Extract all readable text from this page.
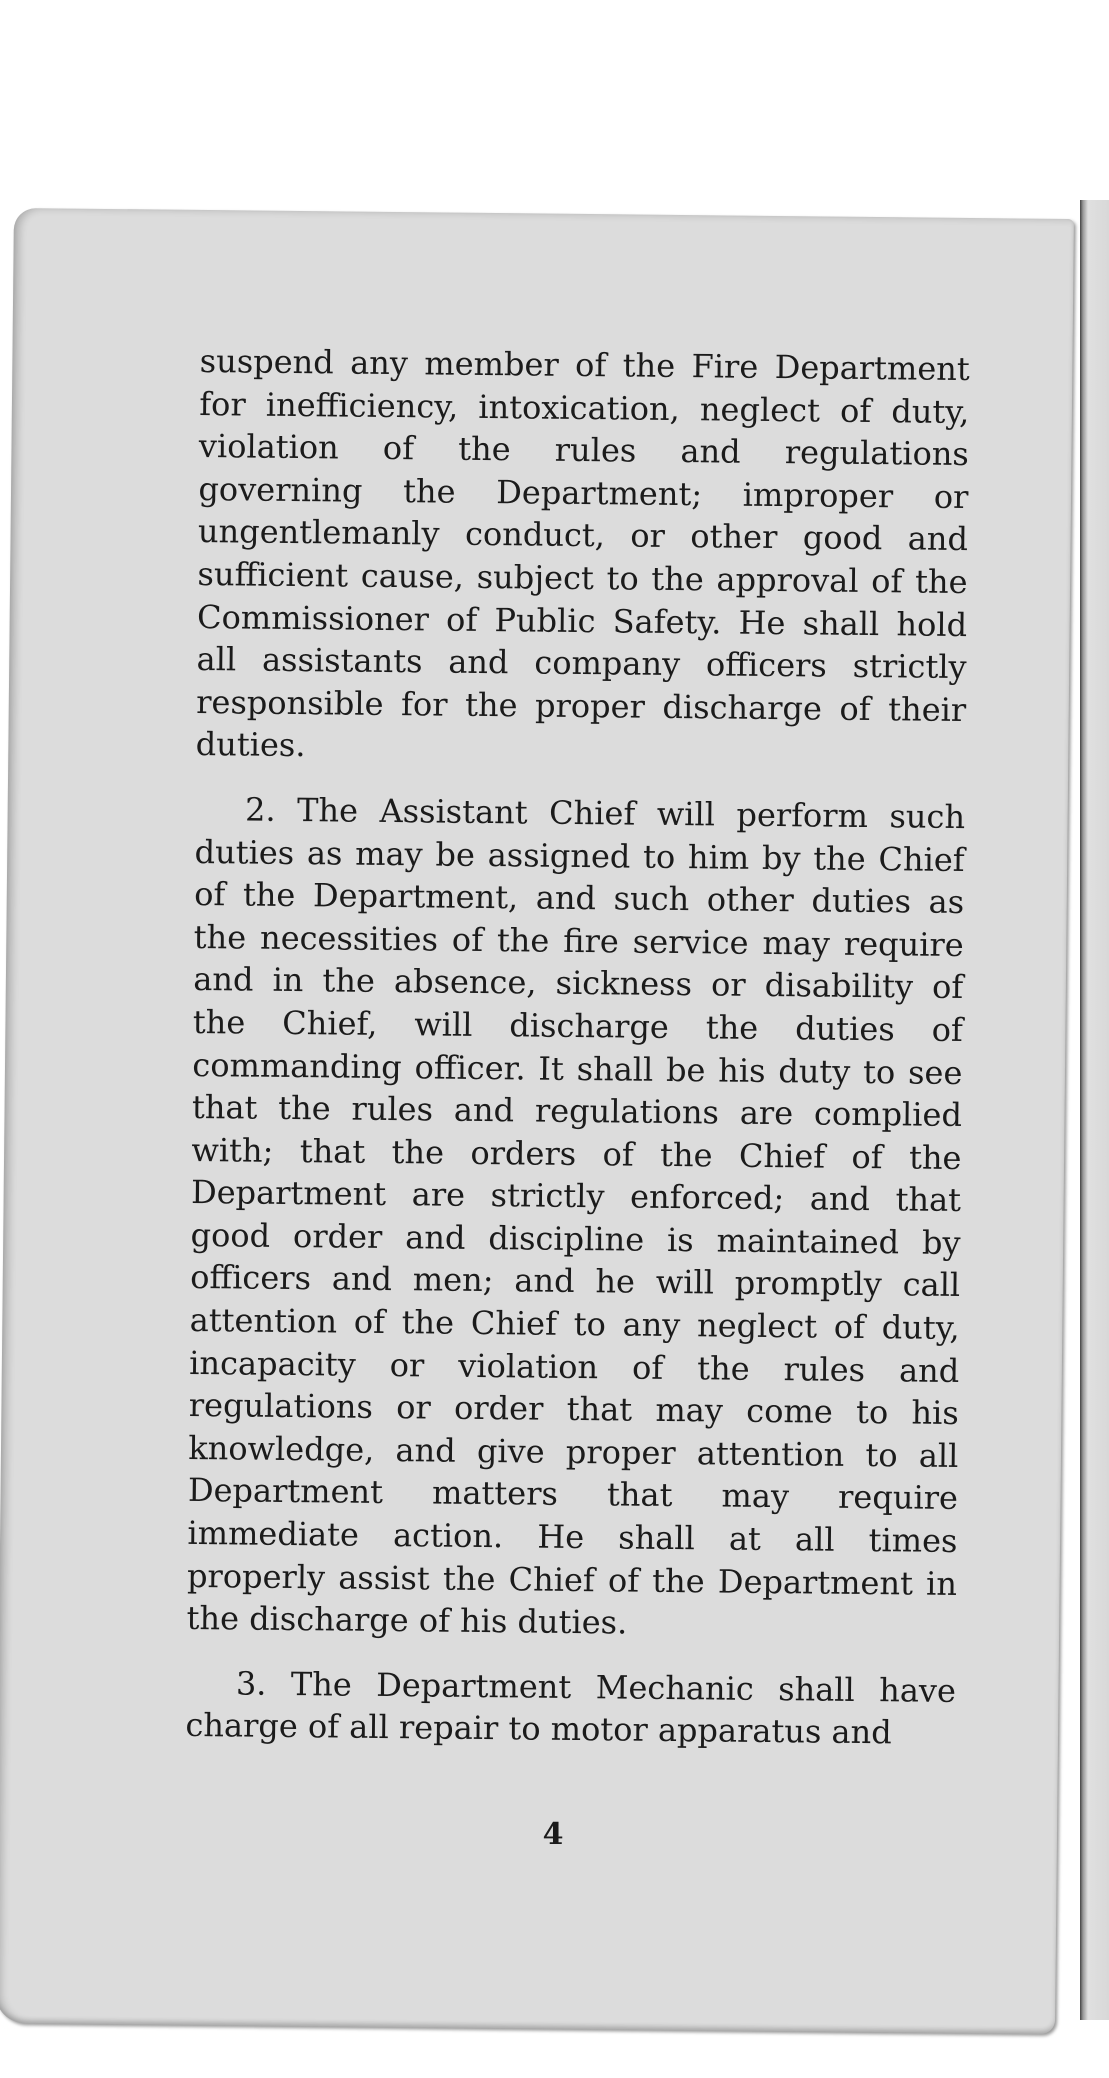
suspend any member of the Fire Department for inefficiency, intoxication, neglect of duty, violation of the rules and regulations governing the Department; improper or ungentlemanly conduct, or other good and sufficient cause, subject to the approval of the Commissioner of Public Safety. He shall hold all assistants and company officers strictly responsible for the proper discharge of their duties.

2. The Assistant Chief will perform such duties as may be assigned to him by the Chief of the Department, and such other duties as the necessities of the fire service may require and in the absence, sickness or disability of the Chief, will discharge the duties of commanding officer. It shall be his duty to see that the rules and regulations are complied with; that the orders of the Chief of the Department are strictly enforced; and that good order and discipline is maintained by officers and men; and he will promptly call attention of the Chief to any neglect of duty, incapacity or violation of the rules and regulations or order that may come to his knowledge, and give proper attention to all Department matters that may require immediate action. He shall at all times properly assist the Chief of the Department in the discharge of his duties.

3. The Department Mechanic shall have charge of all repair to motor apparatus and

4
